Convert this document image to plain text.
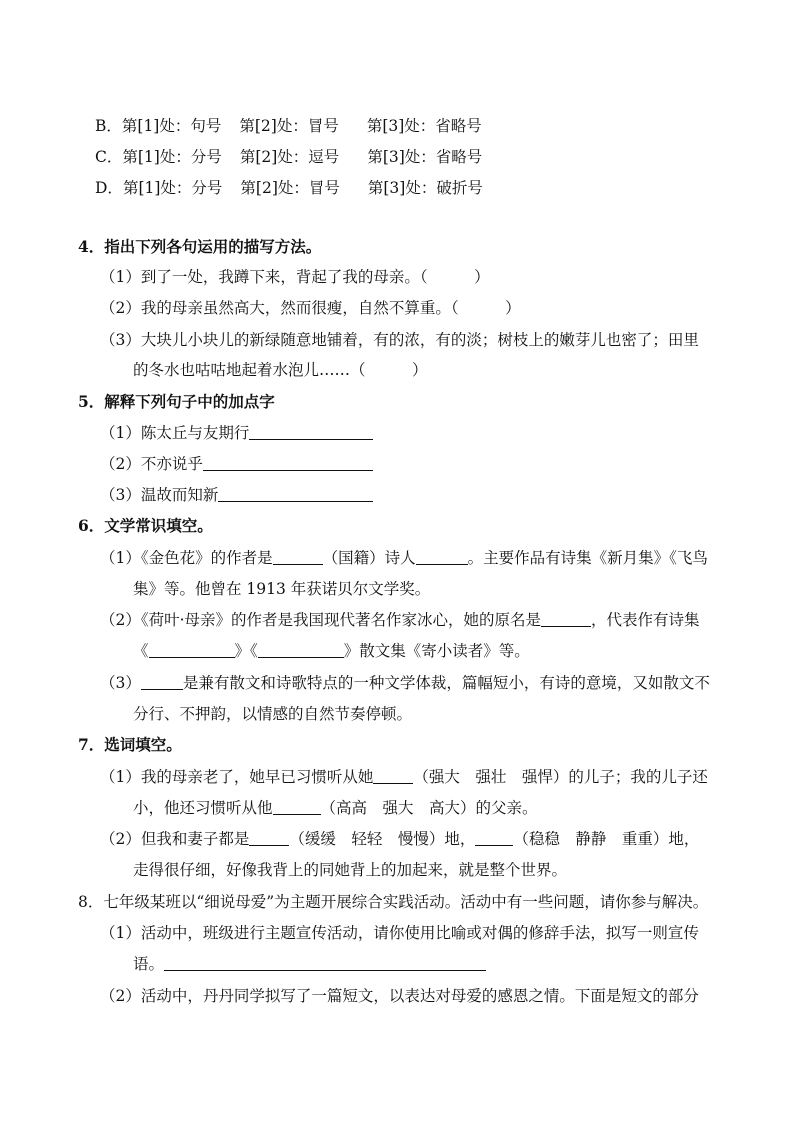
B．第[1]处：句号 第[2]处：冒号 第[3]处：省略号
C．第[1]处：分号 第[2]处：逗号 第[3]处：省略号
D．第[1]处：分号 第[2]处：冒号 第[3]处：破折号
4．指出下列各句运用的描写方法。
（1）到了一处，我蹲下来，背起了我的母亲。（　　　）
（2）我的母亲虽然高大，然而很瘦，自然不算重。（　　　）
（3）大块儿小块儿的新绿随意地铺着，有的浓，有的淡；树枝上的嫩芽儿也密了；田里
的冬水也咕咕地起着水泡儿……（　　　）
5．解释下列句子中的加点字
（1）陈太丘与友期行
（2）不亦说乎
（3）温故而知新
6．文学常识填空。
（1）《金色花》的作者是	（国籍）诗人	。主要作品有诗集《新月集》《飞鸟
集》等。他曾在 1913 年获诺贝尔文学奖。
（2）《荷叶·母亲》的作者是我国现代著名作家冰心，她的原名是	，代表作有诗集
《	》《	》散文集《寄小读者》等。
（3）	是兼有散文和诗歌特点的一种文学体裁，篇幅短小，有诗的意境，又如散文不
分行、不押韵，以情感的自然节奏停顿。
7．选词填空。
（1）我的母亲老了，她早已习惯听从她	（强大　强壮　强悍）的儿子；我的儿子还
小，他还习惯听从他	（高高　强大　高大）的父亲。
（2）但我和妻子都是	（缓缓　轻轻　慢慢）地， （稳稳　静静　重重）地，
走得很仔细，好像我背上的同她背上的加起来，就是整个世界。
8．七年级某班以“细说母爱”为主题开展综合实践活动。活动中有一些问题，请你参与解决。
（1）活动中，班级进行主题宣传活动，请你使用比喻或对偶的修辞手法，拟写一则宣传
语。
（2）活动中，丹丹同学拟写了一篇短文，以表达对母爱的感恩之情。下面是短文的部分
